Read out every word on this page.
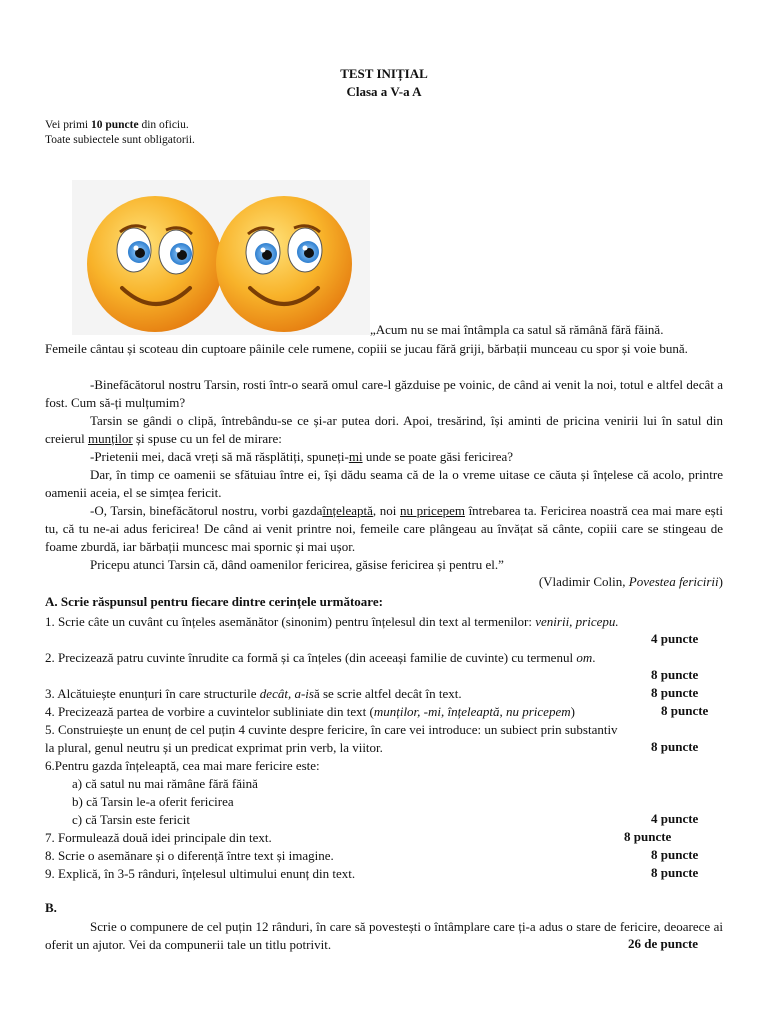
TEST INIȚIAL
Clasa a V-a A
Vei primi 10 puncte din oficiu.
Toate subiectele sunt obligatorii.
„Acum nu se mai întâmpla ca satul să rămână fără făină.
Femeile cântau și scoteau din cuptoare pâinile cele rumene, copiii se jucau fără griji, bărbații munceau cu spor și voie bună.
-Binefăcătorul nostru Tarsin, rosti într-o seară omul care-l găzduise pe voinic, de când ai venit la noi, totul e altfel decât a fost. Cum să-ți mulțumim?
Tarsin se gândi o clipă, întrebându-se ce și-ar putea dori. Apoi, tresărind, își aminti de pricina venirii lui în satul din creierul munților și spuse cu un fel de mirare:
-Prietenii mei, dacă vreți să mă răsplătiți, spuneți-mi unde se poate găsi fericirea?
Dar, în timp ce oamenii se sfătuiau între ei, își dădu seama că de la o vreme uitase ce căuta și înțelese că acolo, printre oamenii aceia, el se simțea fericit.
-O, Tarsin, binefăcătorul nostru, vorbi gazdaînțeleaptă, noi nu pricepem întrebarea ta. Fericirea noastră cea mai mare ești tu, că tu ne-ai adus fericirea! De când ai venit printre noi, femeile care plângeau au învățat să cânte, copiii care se stingeau de foame zburdă, iar bărbații muncesc mai spornic și mai ușor.
Pricepu atunci Tarsin că, dând oamenilor fericirea, găsise fericirea și pentru el.”
(Vladimir Colin, Povestea fericirii)
A. Scrie răspunsul pentru fiecare dintre cerințele următoare:
1. Scrie câte un cuvânt cu înțeles asemănător (sinonim) pentru înțelesul din text al termenilor: venirii, pricepu.
4 puncte
2. Precizează patru cuvinte înrudite ca formă și ca înțeles (din aceeași familie de cuvinte) cu termenul om.
8 puncte
3. Alcătuiește enunțuri în care structurile decât, a-isă se scrie altfel decât în text.	8 puncte
4. Precizează partea de vorbire a cuvintelor subliniate din text (munților, -mi, înțeleaptă, nu pricepem)	8 puncte
5. Construiește un enunț de cel puțin 4 cuvinte despre fericire, în care vei introduce: un subiect prin substantiv
la plural, genul neutru și un predicat exprimat prin verb, la viitor.	8 puncte
6.Pentru gazda înțeleaptă, cea mai mare fericire este:
a) că satul nu mai rămâne fără făină
b) că Tarsin le-a oferit fericirea
c) că Tarsin este fericit	4 puncte
7. Formulează două idei principale din text.	8 puncte
8. Scrie o asemănare și o diferență între text și imagine.	8 puncte
9. Explică, în 3-5 rânduri, înțelesul ultimului enunț din text.	8 puncte
B.
Scrie o compunere de cel puțin 12 rânduri, în care să povestești o întâmplare care ți-a adus o stare de fericire, deoarece ai oferit un ajutor. Vei da compunerii tale un titlu potrivit.	26 de puncte
